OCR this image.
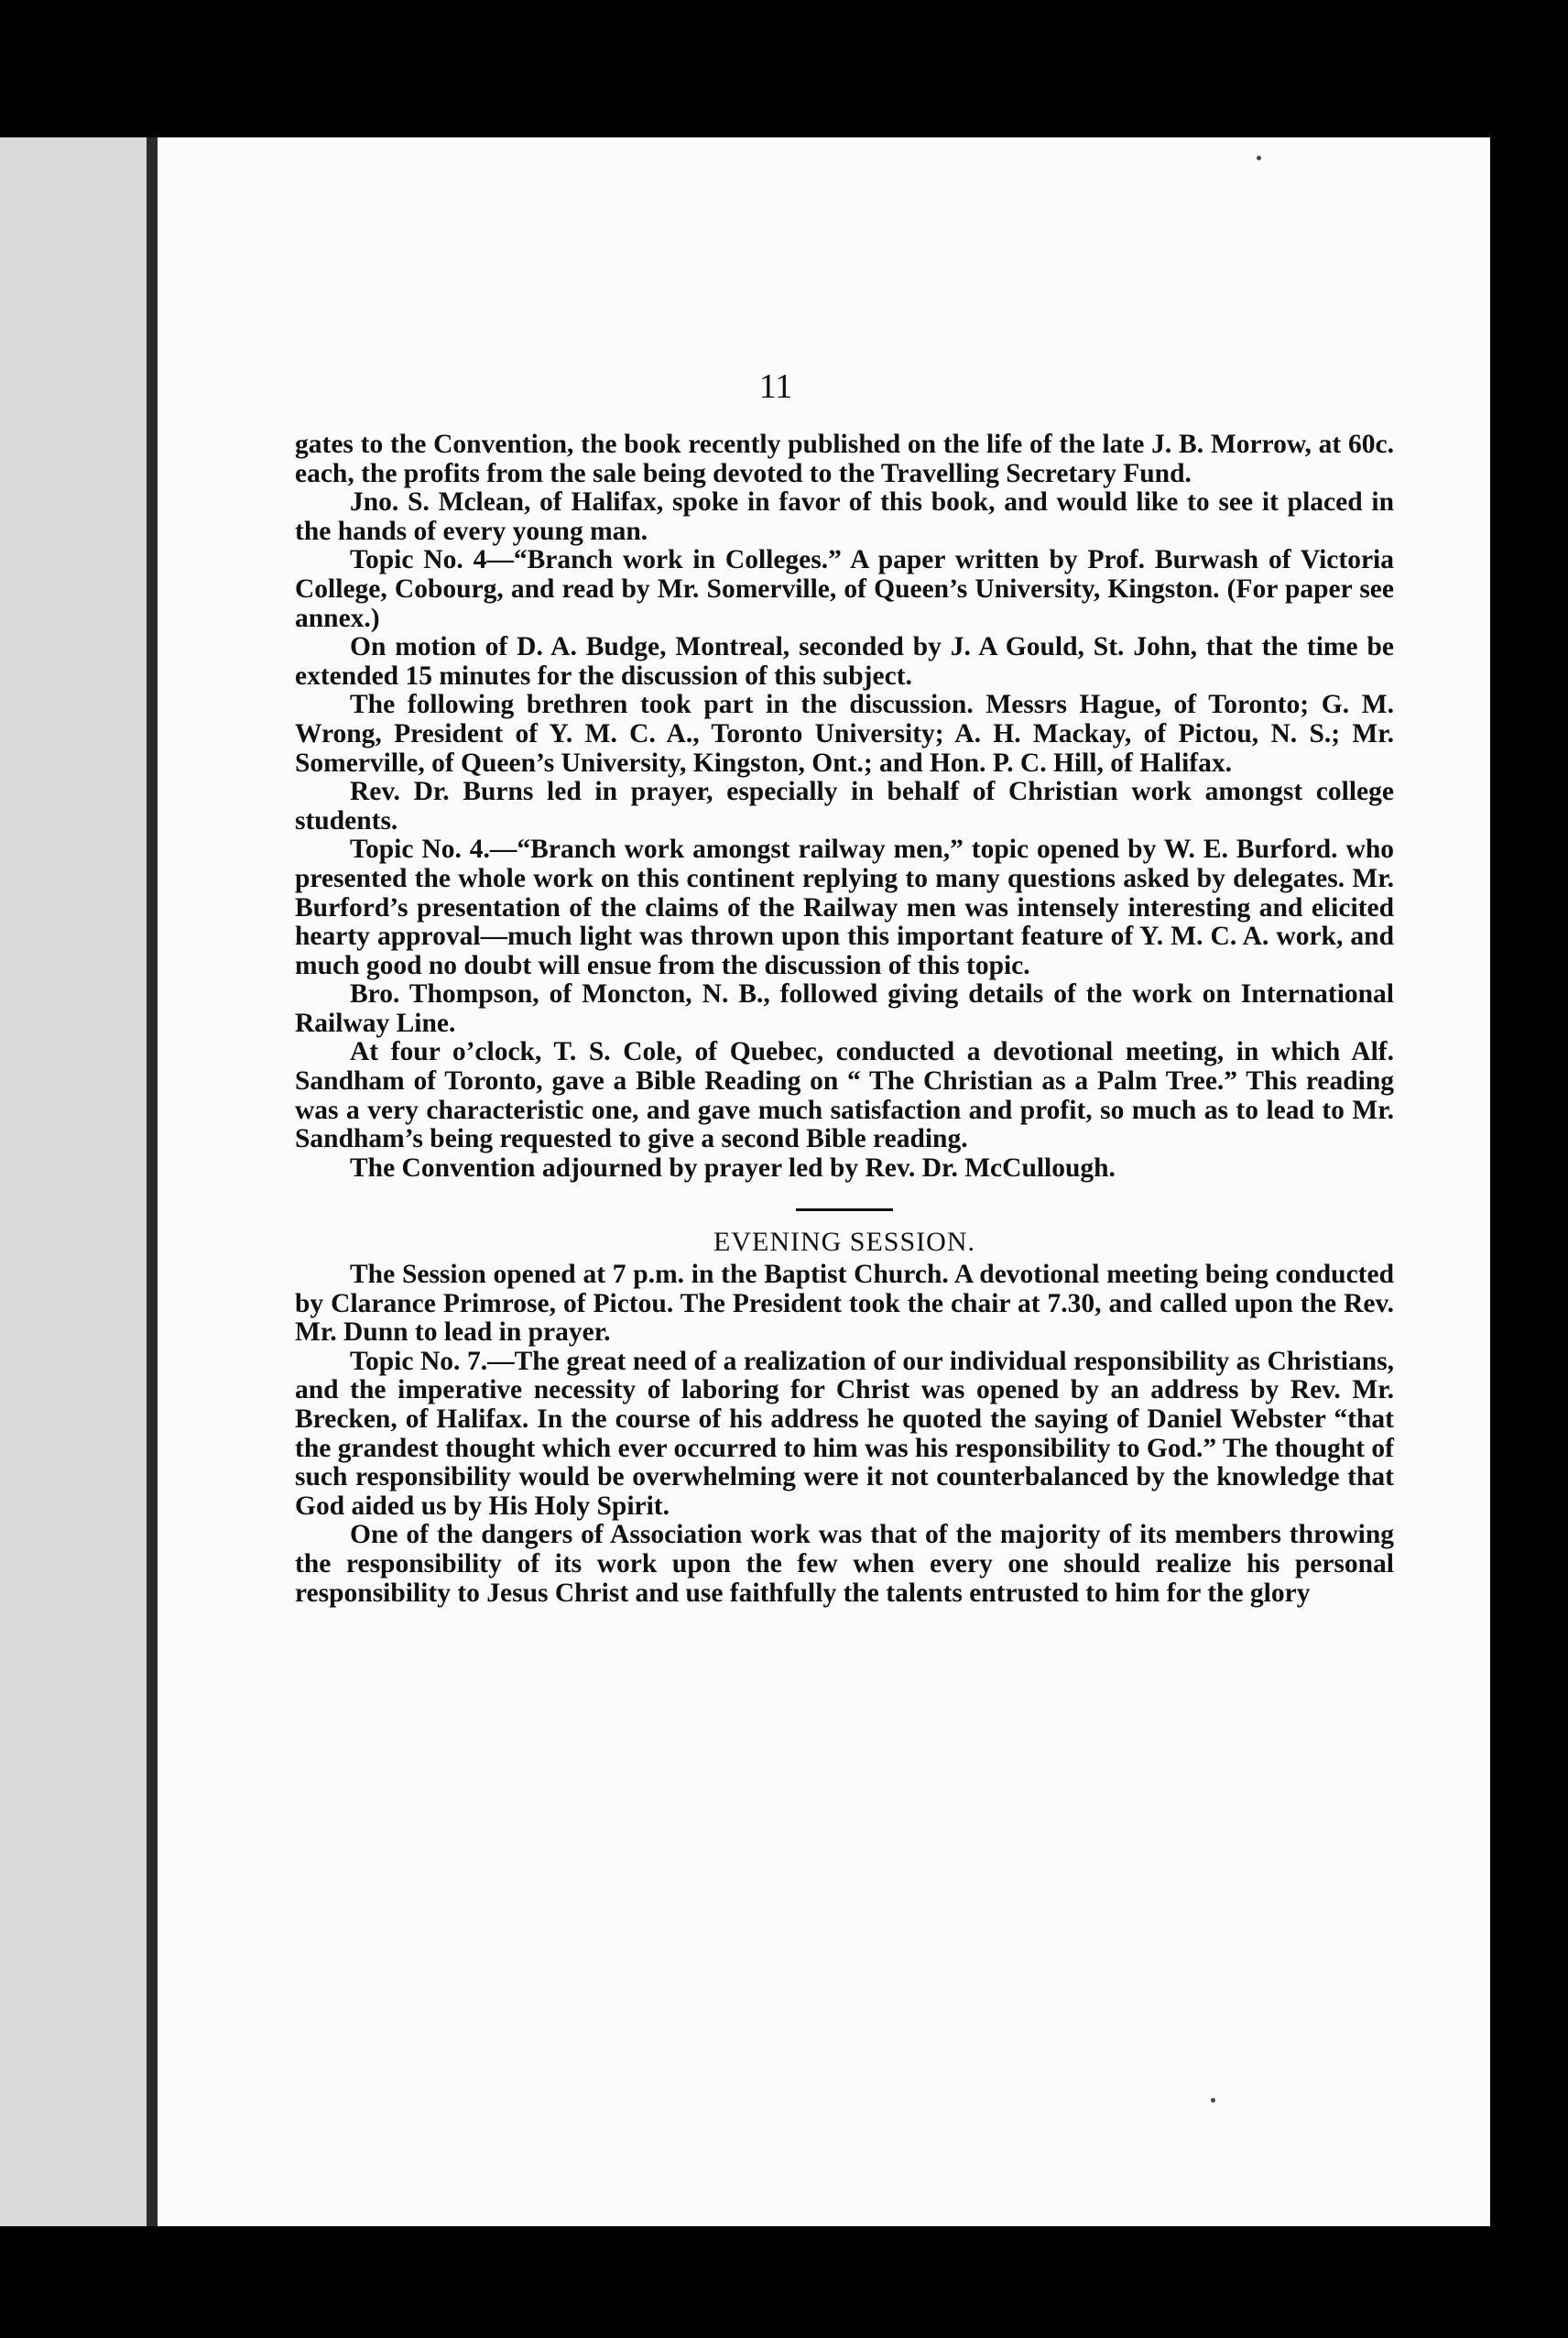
11

gates to the Convention, the book recently published on the life of the late J. B. Morrow, at 60c. each, the profits from the sale being devoted to the Travelling Secretary Fund.

Jno. S. Mclean, of Halifax, spoke in favor of this book, and would like to see it placed in the hands of every young man.

Topic No. 4—“Branch work in Colleges.” A paper written by Prof. Burwash of Victoria College, Cobourg, and read by Mr. Somerville, of Queen’s University, Kingston. (For paper see annex.)

On motion of D. A. Budge, Montreal, seconded by J. A Gould, St. John, that the time be extended 15 minutes for the discussion of this subject.

The following brethren took part in the discussion. Messrs Hague, of Toronto; G. M. Wrong, President of Y. M. C. A., Toronto University; A. H. Mackay, of Pictou, N. S.; Mr. Somerville, of Queen’s University, Kingston, Ont.; and Hon. P. C. Hill, of Halifax.

Rev. Dr. Burns led in prayer, especially in behalf of Christian work amongst college students.

Topic No. 4.—“Branch work amongst railway men,” topic opened by W. E. Burford. who presented the whole work on this continent replying to many questions asked by delegates. Mr. Burford’s presentation of the claims of the Railway men was intensely interesting and elicited hearty approval—much light was thrown upon this important feature of Y. M. C. A. work, and much good no doubt will ensue from the discussion of this topic.

Bro. Thompson, of Moncton, N. B., followed giving details of the work on International Railway Line.

At four o’clock, T. S. Cole, of Quebec, conducted a devotional meeting, in which Alf. Sandham of Toronto, gave a Bible Reading on “ The Christian as a Palm Tree.” This reading was a very characteristic one, and gave much satisfaction and profit, so much as to lead to Mr. Sandham’s being requested to give a second Bible reading.

The Convention adjourned by prayer led by Rev. Dr. McCullough.

EVENING SESSION.

The Session opened at 7 p.m. in the Baptist Church. A devotional meeting being conducted by Clarance Primrose, of Pictou. The President took the chair at 7.30, and called upon the Rev. Mr. Dunn to lead in prayer.

Topic No. 7.—The great need of a realization of our individual responsibility as Christians, and the imperative necessity of laboring for Christ was opened by an address by Rev. Mr. Brecken, of Halifax. In the course of his address he quoted the saying of Daniel Webster “that the grandest thought which ever occurred to him was his responsibility to God.” The thought of such responsibility would be overwhelming were it not counterbalanced by the knowledge that God aided us by His Holy Spirit.

One of the dangers of Association work was that of the majority of its members throwing the responsibility of its work upon the few when every one should realize his personal responsibility to Jesus Christ and use faithfully the talents entrusted to him for the glory
